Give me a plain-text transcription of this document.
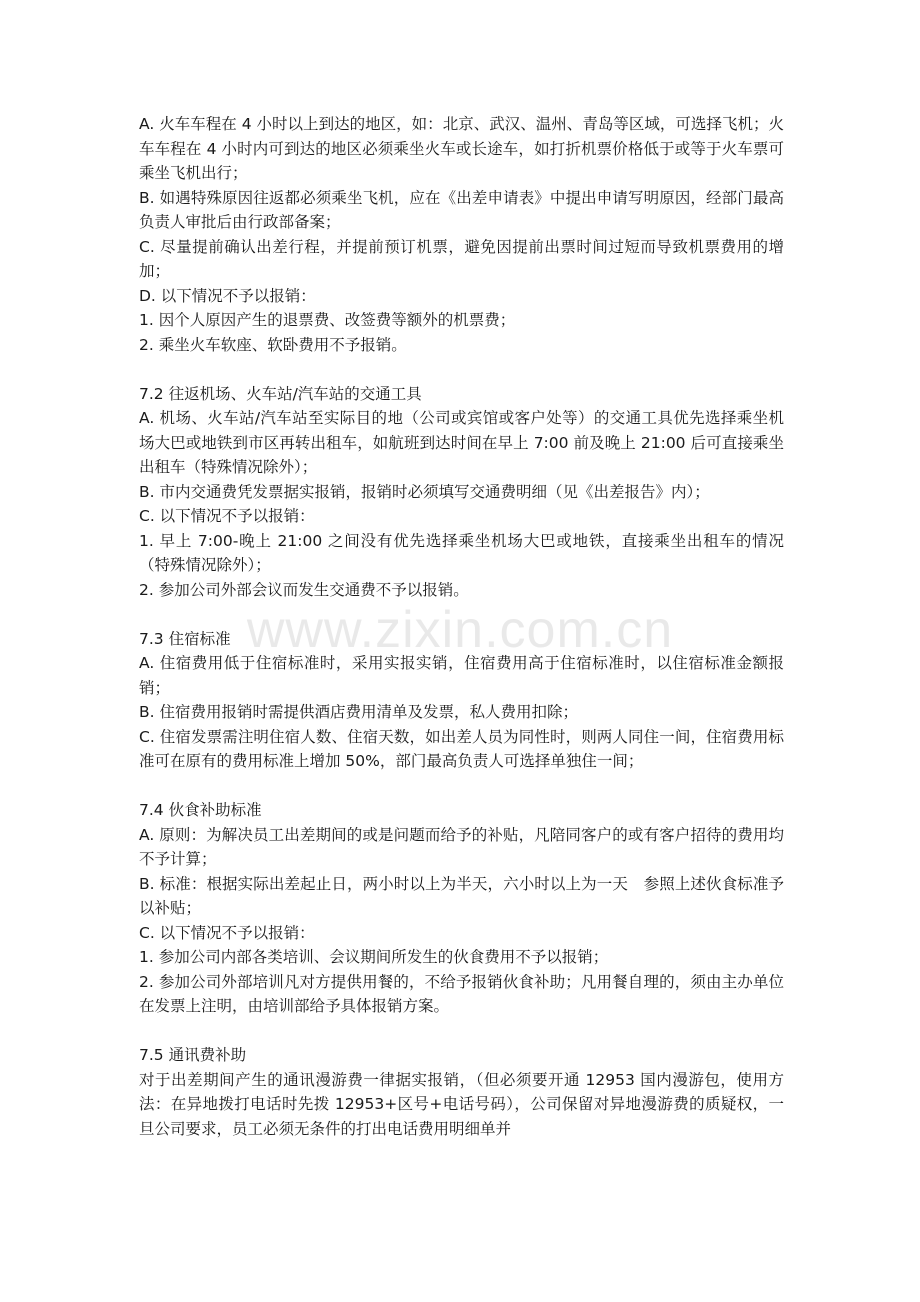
A. 火车车程在 4 小时以上到达的地区，如：北京、武汉、温州、青岛等区域，可选择飞机；火车车程在 4 小时内可到达的地区必须乘坐火车或长途车，如打折机票价格低于或等于火车票可乘坐飞机出行；

B. 如遇特殊原因往返都必须乘坐飞机，应在《出差申请表》中提出申请写明原因，经部门最高负责人审批后由行政部备案；

C. 尽量提前确认出差行程，并提前预订机票，避免因提前出票时间过短而导致机票费用的增加；

D. 以下情况不予以报销：

1. 因个人原因产生的退票费、改签费等额外的机票费；

2. 乘坐火车软座、软卧费用不予报销。

7.2 往返机场、火车站/汽车站的交通工具

A. 机场、火车站/汽车站至实际目的地（公司或宾馆或客户处等）的交通工具优先选择乘坐机场大巴或地铁到市区再转出租车，如航班到达时间在早上 7:00 前及晚上 21:00 后可直接乘坐出租车（特殊情况除外）；

B. 市内交通费凭发票据实报销，报销时必须填写交通费明细（见《出差报告》内）；

C. 以下情况不予以报销：

1. 早上 7:00-晚上 21:00 之间没有优先选择乘坐机场大巴或地铁，直接乘坐出租车的情况（特殊情况除外）；

2. 参加公司外部会议而发生交通费不予以报销。

7.3 住宿标准

A. 住宿费用低于住宿标准时，采用实报实销，住宿费用高于住宿标准时，以住宿标准金额报销；

B. 住宿费用报销时需提供酒店费用清单及发票，私人费用扣除；

C. 住宿发票需注明住宿人数、住宿天数，如出差人员为同性时，则两人同住一间，住宿费用标准可在原有的费用标准上增加 50%，部门最高负责人可选择单独住一间；

7.4 伙食补助标准

A. 原则：为解决员工出差期间的或是问题而给予的补贴，凡陪同客户的或有客户招待的费用均不予计算；

B. 标准：根据实际出差起止日，两小时以上为半天，六小时以上为一天　参照上述伙食标准予以补贴；

C. 以下情况不予以报销：

1. 参加公司内部各类培训、会议期间所发生的伙食费用不予以报销；

2. 参加公司外部培训凡对方提供用餐的，不给予报销伙食补助；凡用餐自理的，须由主办单位在发票上注明，由培训部给予具体报销方案。

7.5 通讯费补助

对于出差期间产生的通讯漫游费一律据实报销，（但必须要开通 12953 国内漫游包，使用方法：在异地拨打电话时先拨 12953+区号+电话号码），公司保留对异地漫游费的质疑权，一旦公司要求，员工必须无条件的打出电话费用明细单并

www.zixin.com.cn
